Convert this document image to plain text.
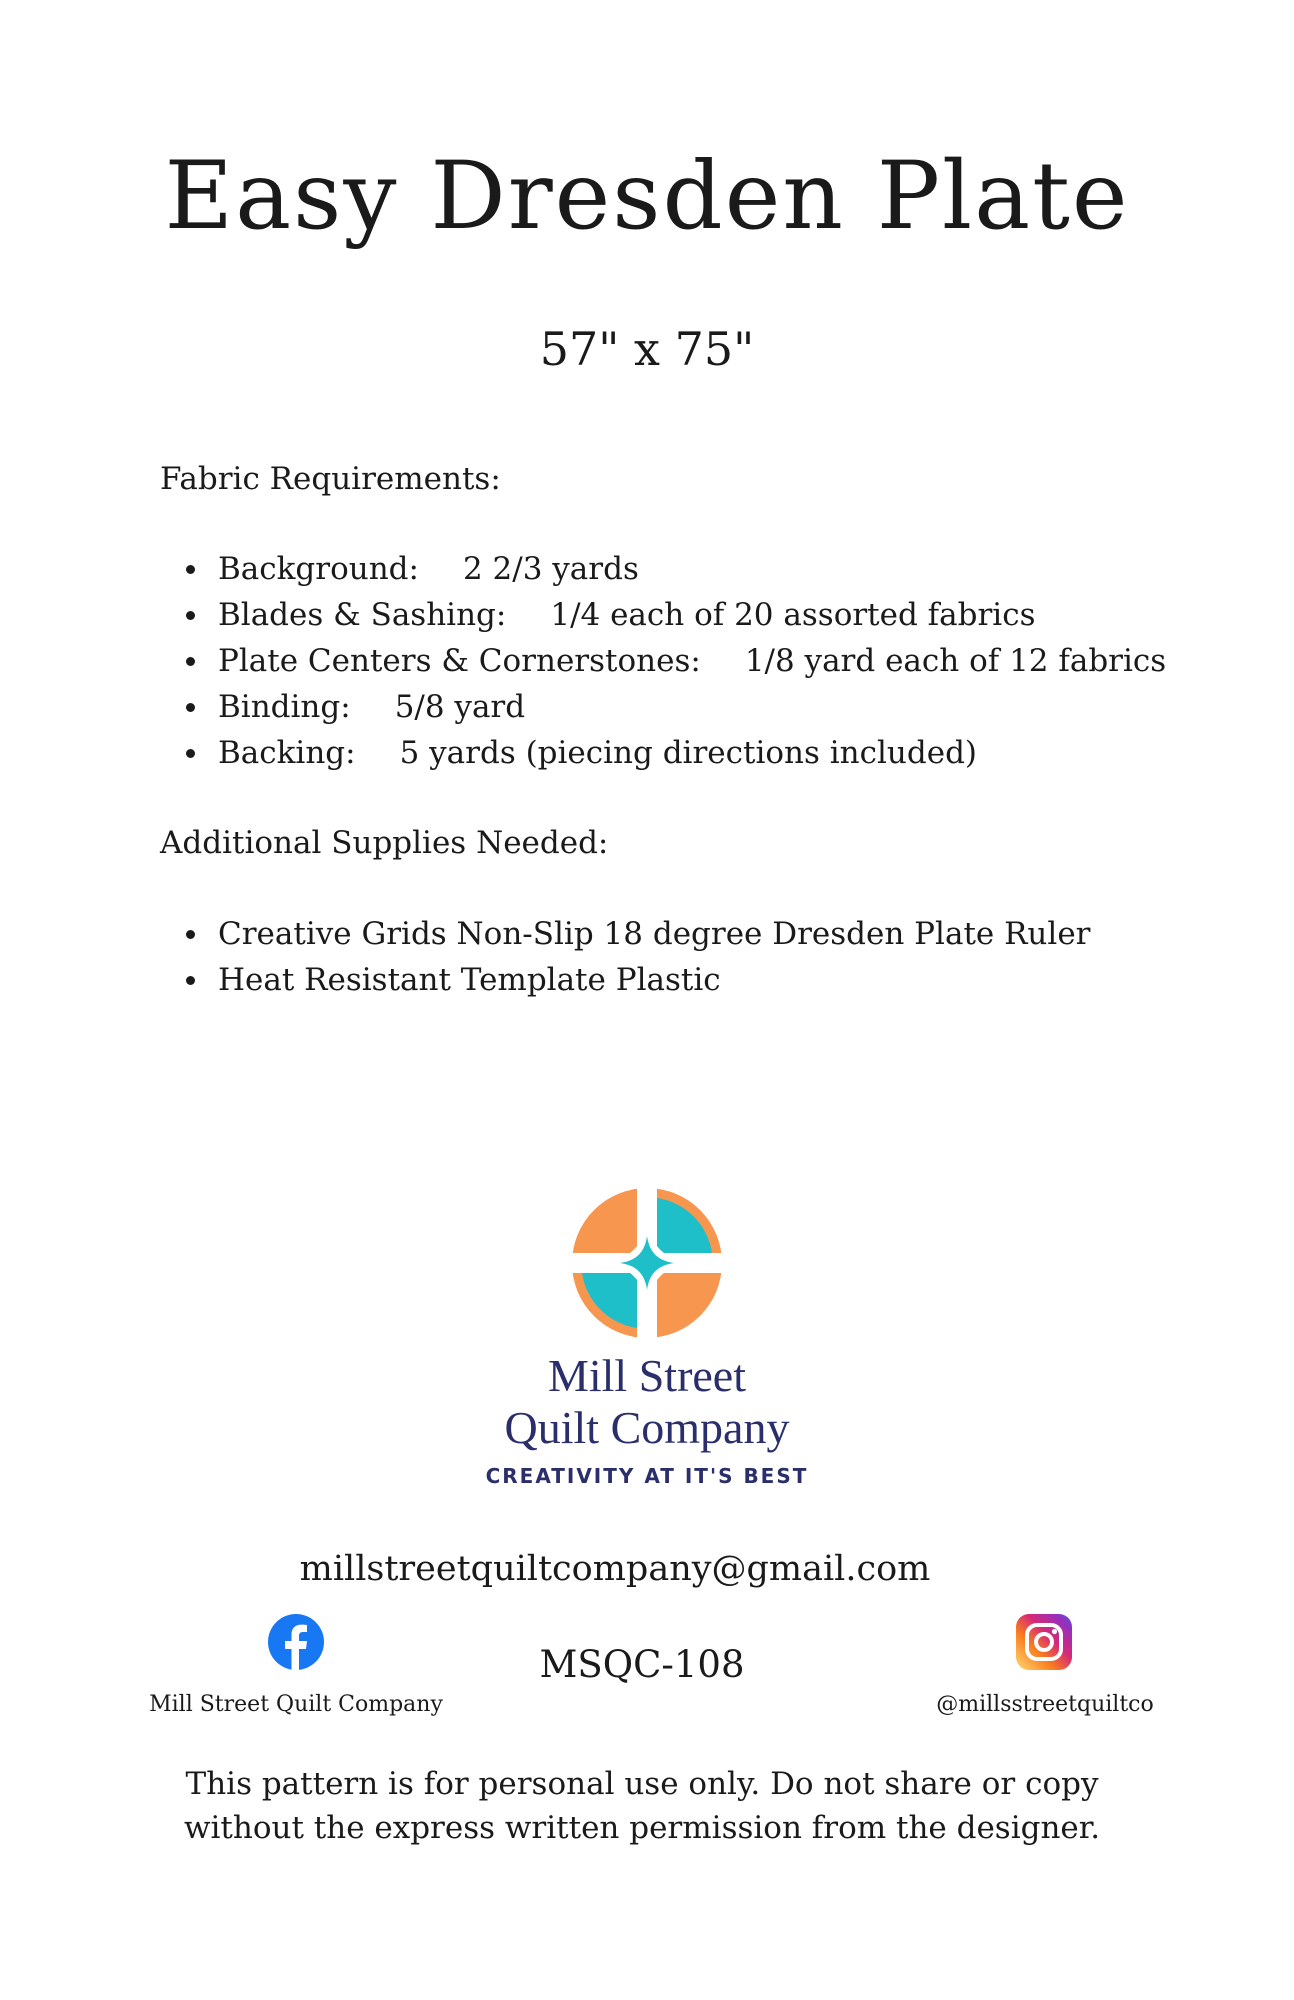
Easy Dresden Plate
57" x 75"
Fabric Requirements:
Background: 2 2/3 yards
Blades & Sashing: 1/4 each of 20 assorted fabrics
Plate Centers & Cornerstones: 1/8 yard each of 12 fabrics
Binding: 5/8 yard
Backing: 5 yards (piecing directions included)
Additional Supplies Needed:
Creative Grids Non-Slip 18 degree Dresden Plate Ruler
Heat Resistant Template Plastic
Mill Street
Quilt Company
CREATIVITY AT IT'S BEST
millstreetquiltcompany@gmail.com
Mill Street Quilt Company
MSQC-108
@millsstreetquiltco
This pattern is for personal use only. Do not share or copy
without the express written permission from the designer.
